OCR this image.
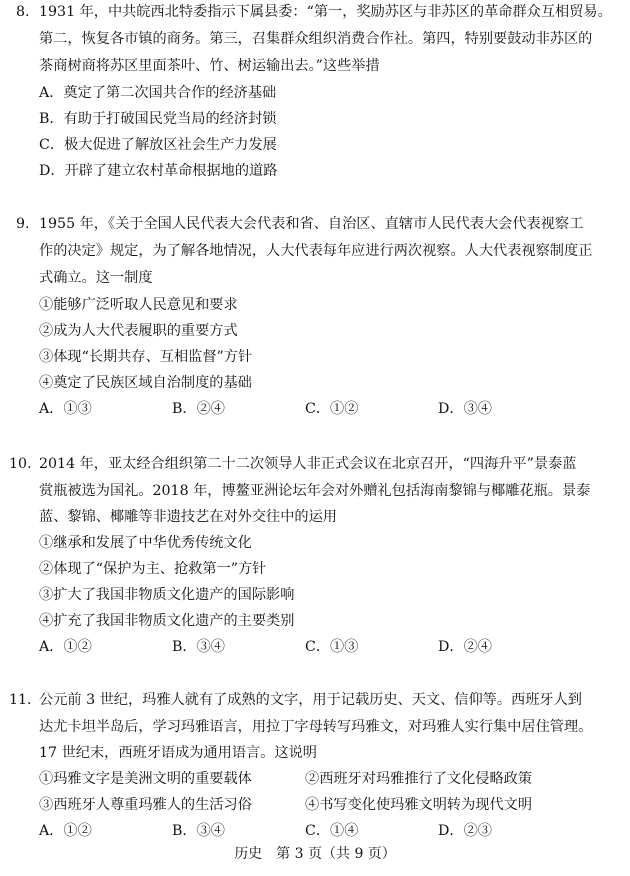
8. 1931 年，中共皖西北特委指示下属县委：“第一，奖励苏区与非苏区的革命群众互相贸易。
第二，恢复各市镇的商务。第三，召集群众组织消费合作社。第四，特别要鼓动非苏区的
茶商树商将苏区里面茶叶、竹、树运输出去。”这些举措
A．奠定了第二次国共合作的经济基础
B．有助于打破国民党当局的经济封锁
C．极大促进了解放区社会生产力发展
D．开辟了建立农村革命根据地的道路
9. 1955 年，《关于全国人民代表大会代表和省、自治区、直辖市人民代表大会代表视察工
作的决定》规定，为了解各地情况，人大代表每年应进行两次视察。人大代表视察制度正
式确立。这一制度
①能够广泛听取人民意见和要求
②成为人大代表履职的重要方式
③体现“长期共存、互相监督”方针
④奠定了民族区域自治制度的基础
A．①③	B．②④	C．①②	D．③④
10. 2014 年，亚太经合组织第二十二次领导人非正式会议在北京召开，“四海升平”景泰蓝
赏瓶被选为国礼。2018 年，博鳌亚洲论坛年会对外赠礼包括海南黎锦与椰雕花瓶。景泰
蓝、黎锦、椰雕等非遗技艺在对外交往中的运用
①继承和发展了中华优秀传统文化
②体现了“保护为主、抢救第一”方针
③扩大了我国非物质文化遗产的国际影响
④扩充了我国非物质文化遗产的主要类别
A．①②	B．③④	C．①③	D．②④
11. 公元前 3 世纪，玛雅人就有了成熟的文字，用于记载历史、天文、信仰等。西班牙人到
达尤卡坦半岛后，学习玛雅语言，用拉丁字母转写玛雅文，对玛雅人实行集中居住管理。
17 世纪末，西班牙语成为通用语言。这说明
①玛雅文字是美洲文明的重要载体	②西班牙对玛雅推行了文化侵略政策
③西班牙人尊重玛雅人的生活习俗	④书写变化使玛雅文明转为现代文明
A．①②	B．③④	C．①④	D．②③
历史　第 3 页（共 9 页）
